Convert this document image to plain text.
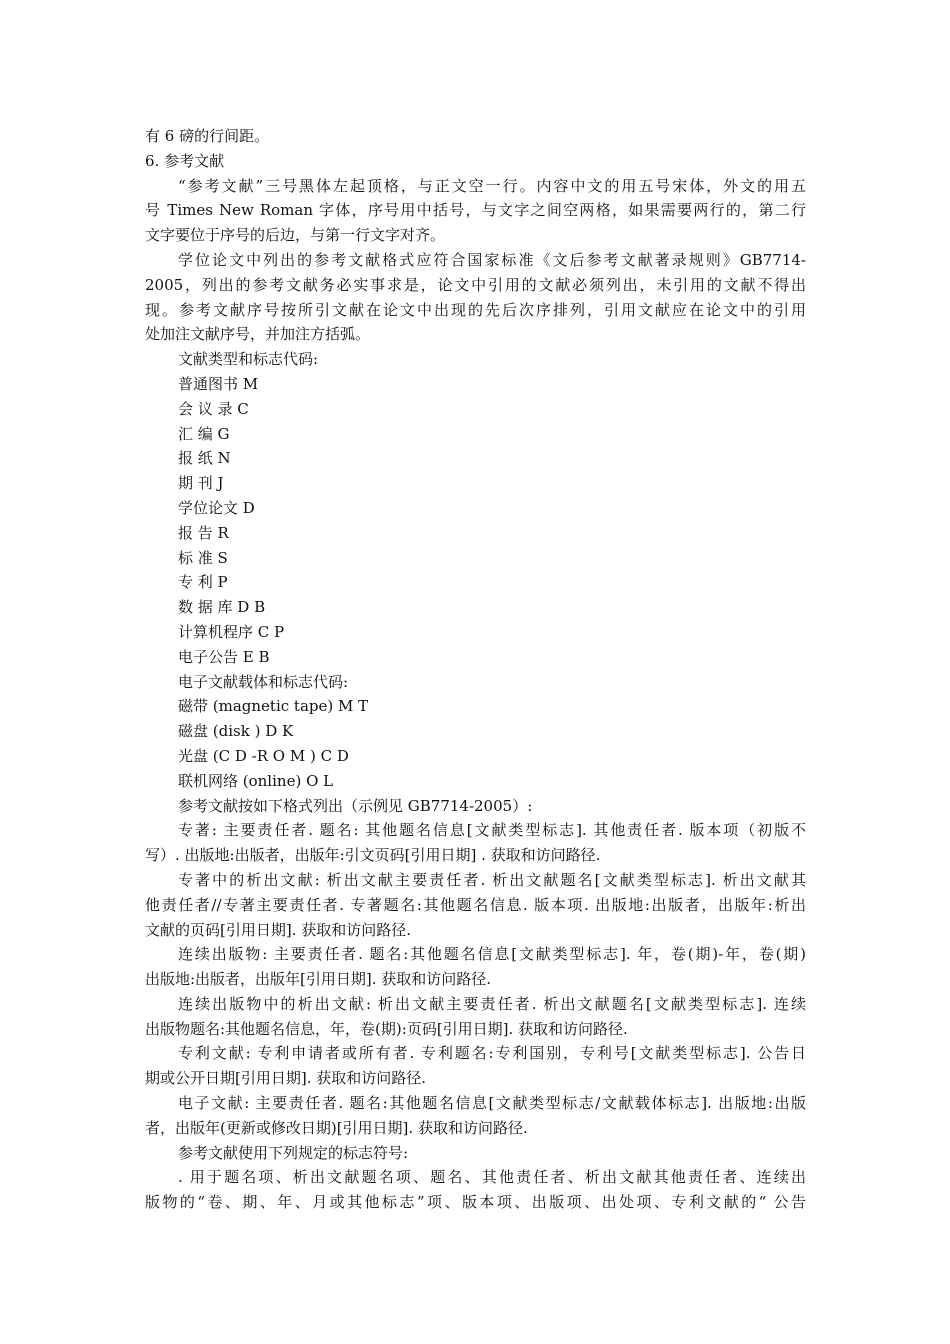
有 6 磅的行间距。
6. 参考文献
“参考文献”三号黑体左起顶格，与正文空一行。内容中文的用五号宋体，外文的用五
号 Times New Roman 字体，序号用中括号，与文字之间空两格，如果需要两行的，第二行
文字要位于序号的后边，与第一行文字对齐。
学位论文中列出的参考文献格式应符合国家标准《文后参考文献著录规则》GB7714-
2005，列出的参考文献务必实事求是，论文中引用的文献必须列出，未引用的文献不得出
现。参考文献序号按所引文献在论文中出现的先后次序排列，引用文献应在论文中的引用
处加注文献序号，并加注方括弧。
文献类型和标志代码:
普通图书 M
会 议 录 C
汇 编 G
报 纸 N
期 刊 J
学位论文 D
报 告 R
标 准 S
专 利 P
数 据 库 D B
计算机程序 C P
电子公告 E B
电子文献载体和标志代码:
磁带 (magnetic tape) M T
磁盘 (disk ) D K
光盘 (C D -R O M ) C D
联机网络 (online) O L
参考文献按如下格式列出（示例见 GB7714-2005）:
专著: 主要责任者. 题名: 其他题名信息[文献类型标志]. 其他责任者. 版本项（初版不
写）. 出版地:出版者，出版年:引文页码[引用日期] . 获取和访问路径.
专著中的析出文献: 析出文献主要责任者. 析出文献题名[文献类型标志]. 析出文献其
他责任者//专著主要责任者. 专著题名:其他题名信息. 版本项. 出版地:出版者，出版年:析出
文献的页码[引用日期]. 获取和访问路径.
连续出版物: 主要责任者. 题名:其他题名信息[文献类型标志]. 年，卷(期)-年，卷(期)
出版地:出版者，出版年[引用日期]. 获取和访问路径.
连续出版物中的析出文献: 析出文献主要责任者. 析出文献题名[文献类型标志]. 连续
出版物题名:其他题名信息，年，卷(期):页码[引用日期]. 获取和访问路径.
专利文献: 专利申请者或所有者. 专利题名:专利国别，专利号[文献类型标志]. 公告日
期或公开日期[引用日期]. 获取和访问路径.
电子文献: 主要责任者. 题名:其他题名信息[文献类型标志/文献载体标志]. 出版地:出版
者，出版年(更新或修改日期)[引用日期]. 获取和访问路径.
参考文献使用下列规定的标志符号:
. 用于题名项、析出文献题名项、题名、其他责任者、析出文献其他责任者、连续出
版物的“卷、期、年、月或其他标志”项、版本项、出版项、出处项、专利文献的“ 公告
